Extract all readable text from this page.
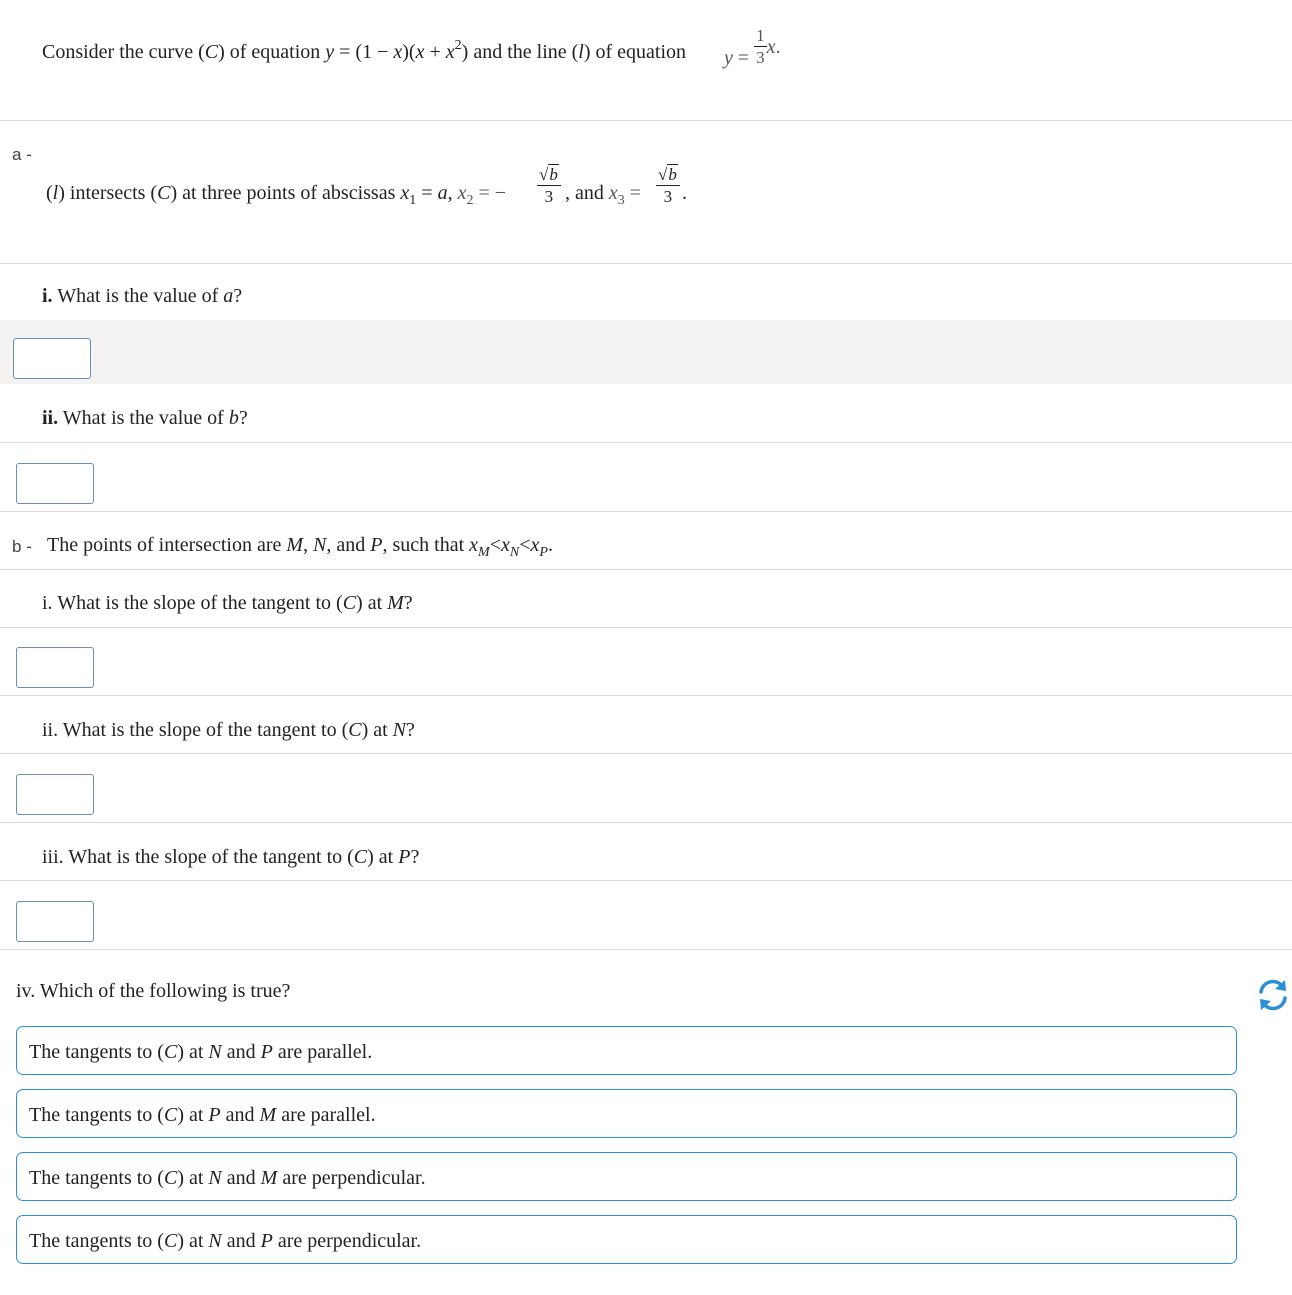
Consider the curve (C) of equation $y = (1 - x)(x + x^2)$ and the line (l) of equation $y = \frac{1}{3} x$.
a -
(l) intersects (C) at three points of abscissas $x_1 = a$, $x_2$ = − $\frac{√b}{3}$ , and $x_3 = \frac{√b}{3}$ .
i. What is the value of a?
ii. What is the value of b?
b - The points of intersection are M, N, and P, such that $x_M<x_N<x_P$.
i. What is the slope of the tangent to (C) at M?
ii. What is the slope of the tangent to (C) at N?
iii. What is the slope of the tangent to (C) at P?
iv. Which of the following is true?
The tangents to (C) at N and P are parallel.
The tangents to (C) at P and M are parallel.
The tangents to (C) at N and M are perpendicular.
The tangents to (C) at N and P are perpendicular.
